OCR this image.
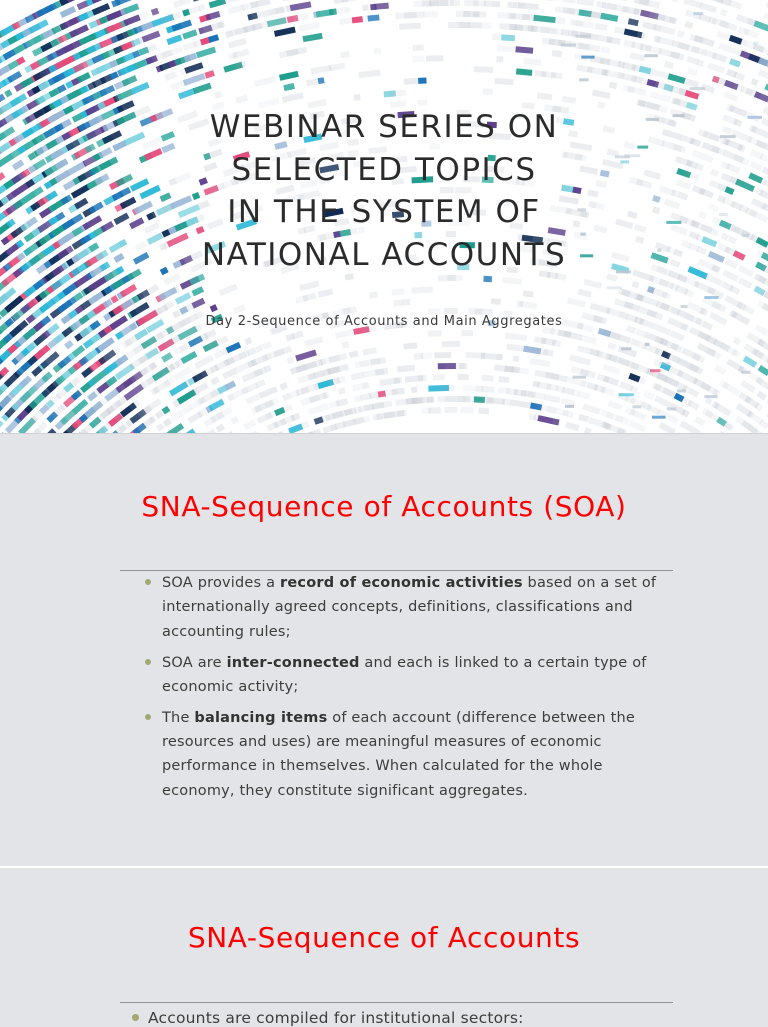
WEBINAR SERIES ON
SELECTED TOPICS
IN THE SYSTEM OF
NATIONAL ACCOUNTS
Day 2-Sequence of Accounts and Main Aggregates
SNA-Sequence of Accounts (SOA)
SOA provides a record of economic activities based on a set of internationally agreed concepts, definitions, classifications and accounting rules;
SOA are inter-connected and each is linked to a certain type of economic activity;
The balancing items of each account (difference between the resources and uses) are meaningful measures of economic performance in themselves. When calculated for the whole economy, they constitute significant aggregates.
SNA-Sequence of Accounts
Accounts are compiled for institutional sectors:
